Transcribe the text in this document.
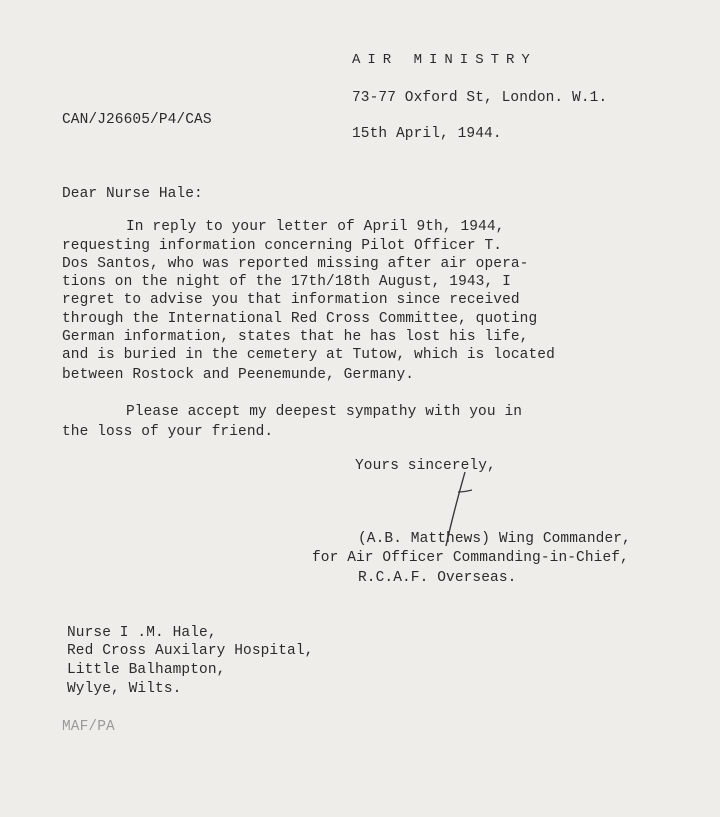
AIR MINISTRY
73-77 Oxford St, London. W.1.
CAN/J26605/P4/CAS
15th April, 1944.
Dear Nurse Hale:
In reply to your letter of April 9th, 1944,
requesting information concerning Pilot Officer T.
Dos Santos, who was reported missing after air opera-
tions on the night of the 17th/18th August, 1943, I
regret to advise you that information since received
through the International Red Cross Committee, quoting
German information, states that he has lost his life,
and is buried in the cemetery at Tutow, which is located
between Rostock and Peenemunde, Germany.
Please accept my deepest sympathy with you in
the loss of your friend.
Yours sincerely,
(A.B. Matthews) Wing Commander,
for Air Officer Commanding-in-Chief,
R.C.A.F. Overseas.
Nurse I .M. Hale,
Red Cross Auxilary Hospital,
Little Balhampton,
Wylye, Wilts.
MAF/PA
